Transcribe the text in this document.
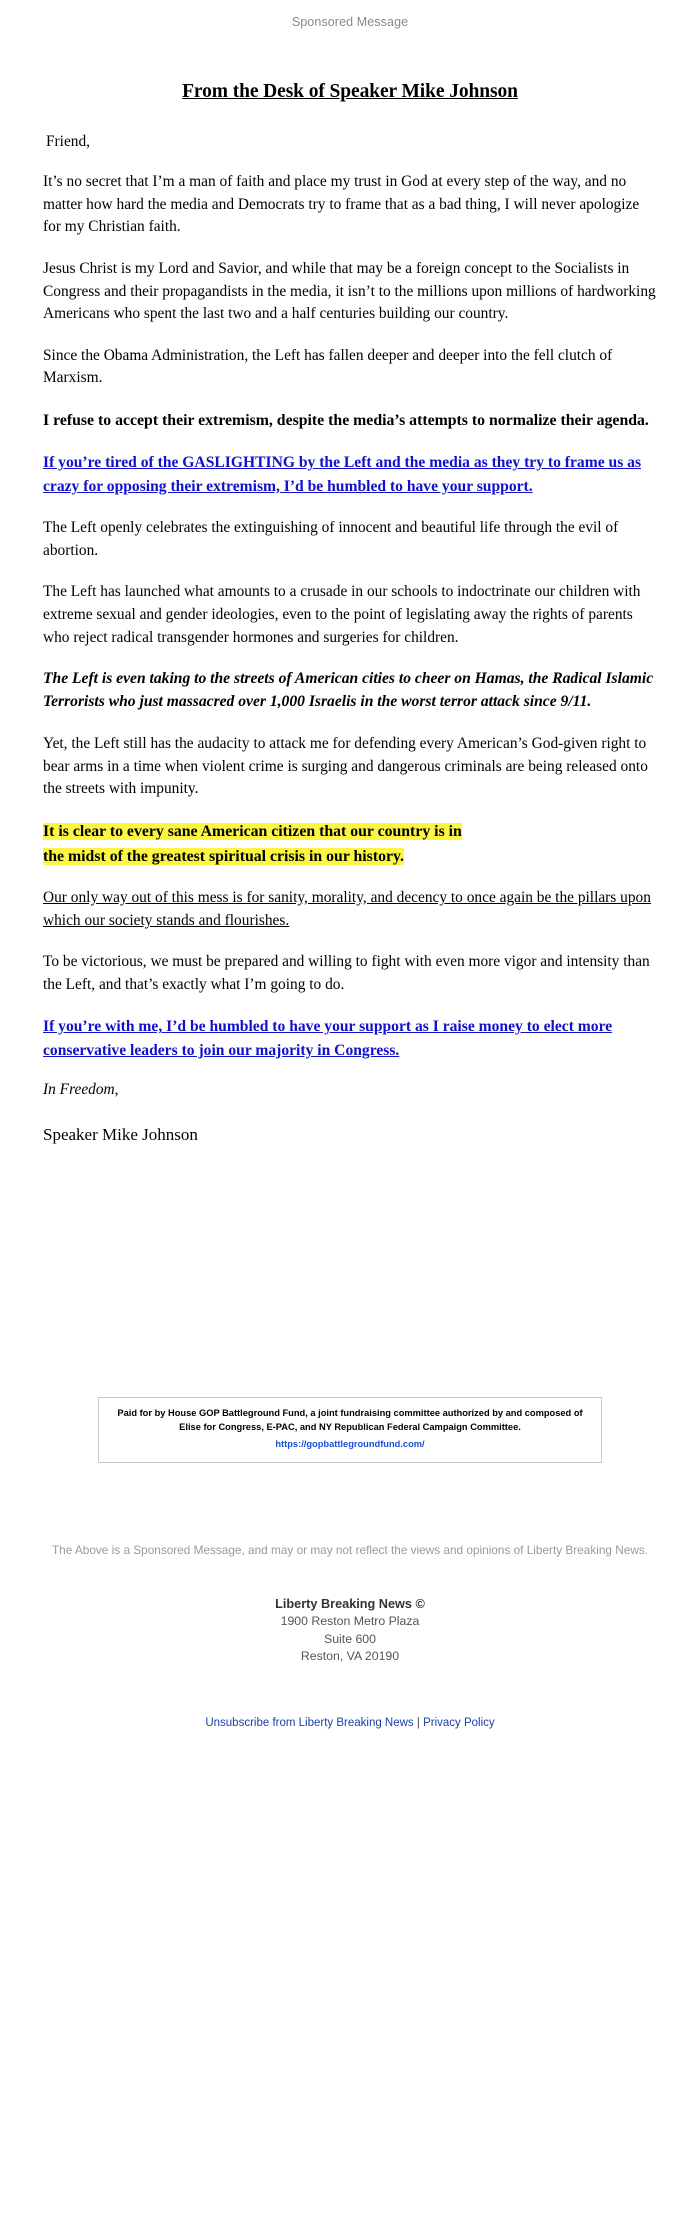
Sponsored Message
From the Desk of Speaker Mike Johnson

Friend,

It’s no secret that I’m a man of faith and place my trust in God at every step of the way, and no matter how hard the media and Democrats try to frame that as a bad thing, I will never apologize for my Christian faith.

Jesus Christ is my Lord and Savior, and while that may be a foreign concept to the Socialists in Congress and their propagandists in the media, it isn’t to the millions upon millions of hardworking Americans who spent the last two and a half centuries building our country.

Since the Obama Administration, the Left has fallen deeper and deeper into the fell clutch of Marxism.

I refuse to accept their extremism, despite the media’s attempts to normalize their agenda.

If you’re tired of the GASLIGHTING by the Left and the media as they try to frame us as crazy for opposing their extremism, I’d be humbled to have your support.

The Left openly celebrates the extinguishing of innocent and beautiful life through the evil of abortion.

The Left has launched what amounts to a crusade in our schools to indoctrinate our children with extreme sexual and gender ideologies, even to the point of legislating away the rights of parents who reject radical transgender hormones and surgeries for children.

The Left is even taking to the streets of American cities to cheer on Hamas, the Radical Islamic Terrorists who just massacred over 1,000 Israelis in the worst terror attack since 9/11.

Yet, the Left still has the audacity to attack me for defending every American’s God-given right to bear arms in a time when violent crime is surging and dangerous criminals are being released onto the streets with impunity.

It is clear to every sane American citizen that our country is in
the midst of the greatest spiritual crisis in our history.

Our only way out of this mess is for sanity, morality, and decency to once again be the pillars upon which our society stands and flourishes.

To be victorious, we must be prepared and willing to fight with even more vigor and intensity than the Left, and that’s exactly what I’m going to do.

If you’re with me, I’d be humbled to have your support as I raise money to elect more conservative leaders to join our majority in Congress.

In Freedom,

Speaker Mike Johnson

Paid for by House GOP Battleground Fund, a joint fundraising committee authorized by and composed of Elise for Congress, E-PAC, and NY Republican Federal Campaign Committee.
https://gopbattlegroundfund.com/
The Above is a Sponsored Message, and may or may not reflect the views and opinions of Liberty Breaking News.
Liberty Breaking News ©
1900 Reston Metro Plaza
Suite 600
Reston, VA 20190
Unsubscribe from Liberty Breaking News | Privacy Policy
